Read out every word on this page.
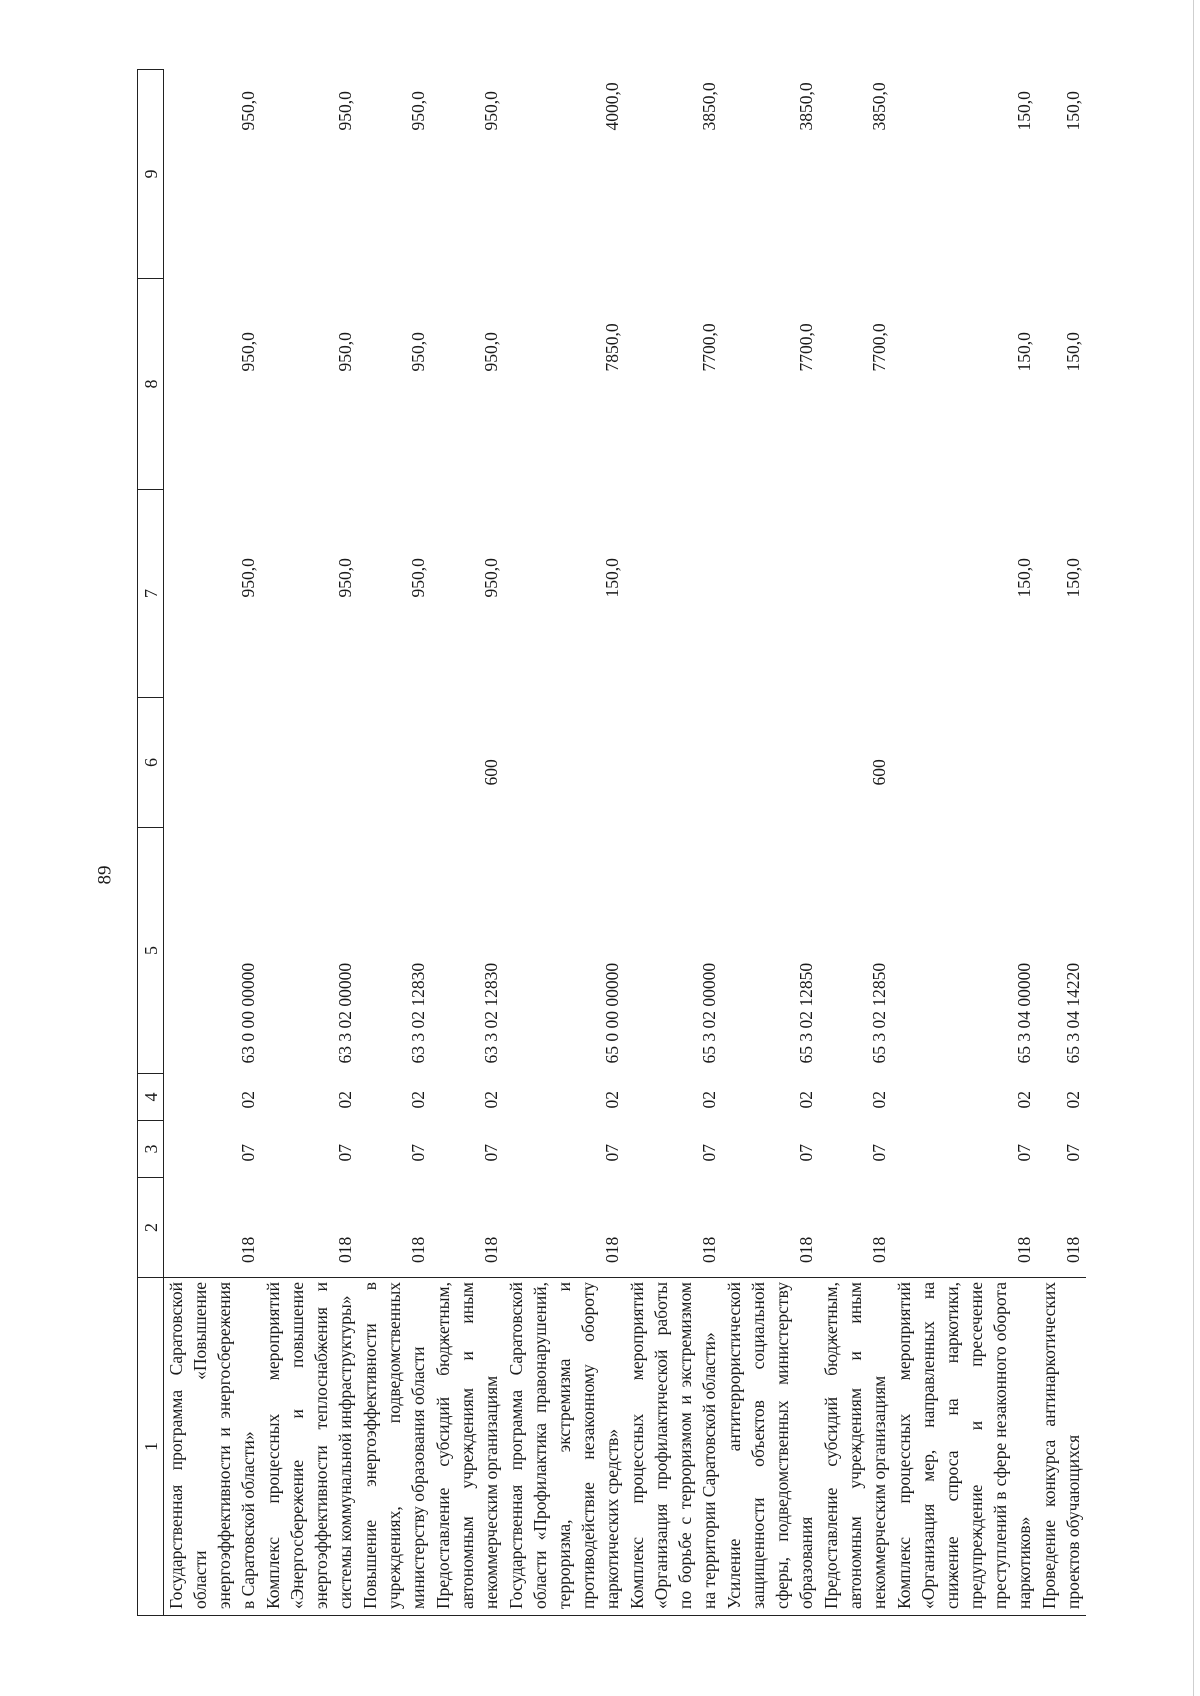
89
1	2	3	4	5	6	7	8	9
Государственная программа Саратовской области «Повышение энергоэффективности и энергосбережения в Саратовской области»	018	07	02	63 0 00 00000		950,0	950,0	950,0
Комплекс процессных мероприятий «Энергосбережение и повышение энергоэффективности теплоснабжения и системы коммунальной инфраструктуры»	018	07	02	63 3 02 00000		950,0	950,0	950,0
Повышение энергоэффективности в учреждениях, подведомственных министерству образования области	018	07	02	63 3 02 12830		950,0	950,0	950,0
Предоставление субсидий бюджетным, автономным учреждениям и иным некоммерческим организациям	018	07	02	63 3 02 12830	600	950,0	950,0	950,0
Государственная программа Саратовской области «Профилактика правонарушений, терроризма, экстремизма и противодействие незаконному обороту наркотических средств»	018	07	02	65 0 00 00000		150,0	7850,0	4000,0
Комплекс процессных мероприятий «Организация профилактической работы по борьбе с терроризмом и экстремизмом на территории Саратовской области»	018	07	02	65 3 02 00000			7700,0	3850,0
Усиление антитеррористической защищенности объектов социальной сферы, подведомственных министерству образования	018	07	02	65 3 02 12850			7700,0	3850,0
Предоставление субсидий бюджетным, автономным учреждениям и иным некоммерческим организациям	018	07	02	65 3 02 12850	600		7700,0	3850,0
Комплекс процессных мероприятий «Организация мер, направленных на снижение спроса на наркотики, предупреждение и пресечение преступлений в сфере незаконного оборота наркотиков»	018	07	02	65 3 04 00000		150,0	150,0	150,0
Проведение конкурса антинаркотических проектов обучающихся	018	07	02	65 3 04 14220		150,0	150,0	150,0
